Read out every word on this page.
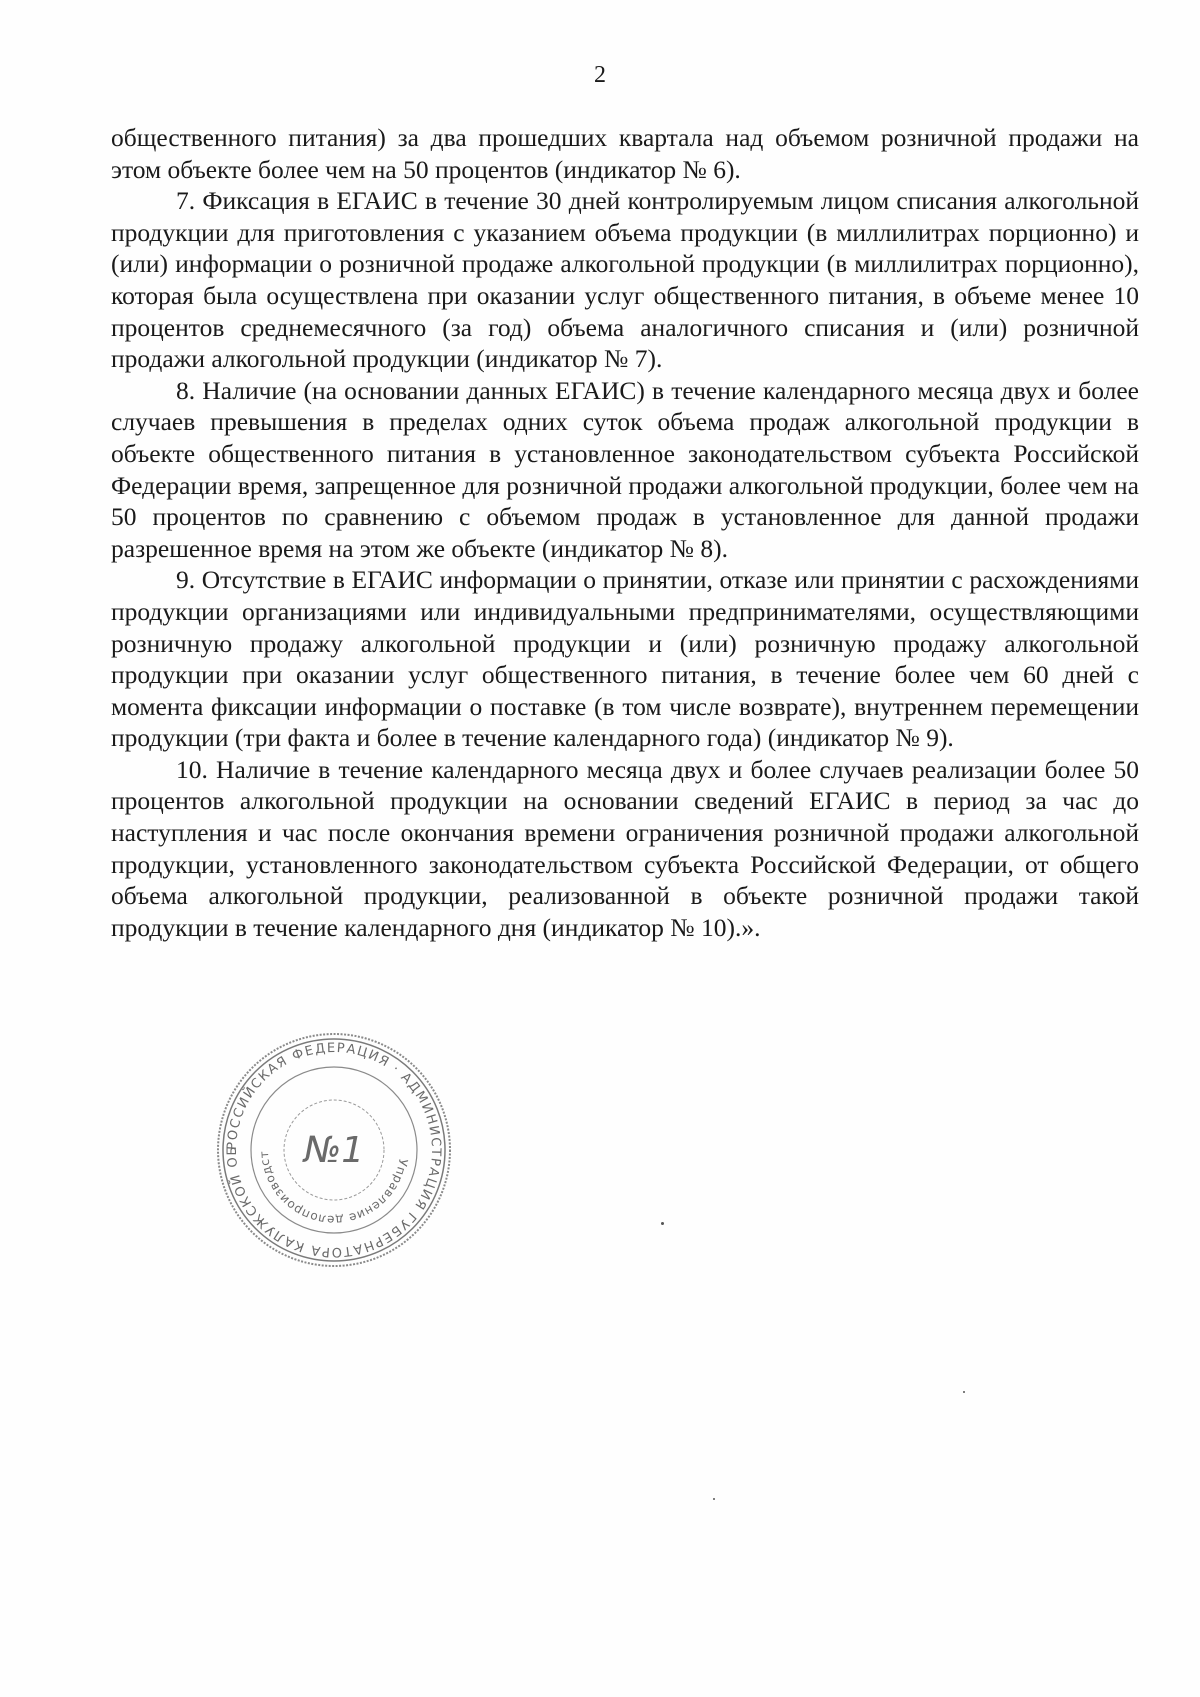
2

общественного питания) за два прошедших квартала над объемом розничной продажи на этом объекте более чем на 50 процентов (индикатор № 6).

7. Фиксация в ЕГАИС в течение 30 дней контролируемым лицом списания алкогольной продукции для приготовления с указанием объема продукции (в миллилитрах порционно) и (или) информации о розничной продаже алкогольной продукции (в миллилитрах порционно), которая была осуществлена при оказании услуг общественного питания, в объеме менее 10 процентов среднемесячного (за год) объема аналогичного списания и (или) розничной продажи алкогольной продукции (индикатор № 7).

8. Наличие (на основании данных ЕГАИС) в течение календарного месяца двух и более случаев превышения в пределах одних суток объема продаж алкогольной продукции в объекте общественного питания в установленное законодательством субъекта Российской Федерации время, запрещенное для розничной продажи алкогольной продукции, более чем на 50 процентов по сравнению с объемом продаж в установленное для данной продажи разрешенное время на этом же объекте (индикатор № 8).

9. Отсутствие в ЕГАИС информации о принятии, отказе или принятии с расхождениями продукции организациями или индивидуальными предпринимателями, осуществляющими розничную продажу алкогольной продукции и (или) розничную продажу алкогольной продукции при оказании услуг общественного питания, в течение более чем 60 дней с момента фиксации информации о поставке (в том числе возврате), внутреннем перемещении продукции (три факта и более в течение календарного года) (индикатор № 9).

10. Наличие в течение календарного месяца двух и более случаев реализации более 50 процентов алкогольной продукции на основании сведений ЕГАИС в период за час до наступления и час после окончания времени ограничения розничной продажи алкогольной продукции, установленного законодательством субъекта Российской Федерации, от общего объема алкогольной продукции, реализованной в объекте розничной продажи такой продукции в течение календарного дня (индикатор № 10).».

РОССИЙСКАЯ ФЕДЕРАЦИЯ · АДМИНИСТРАЦИЯ ГУБЕРНАТОРА КАЛУЖСКОЙ ОБ
Управление делопроизводст №1
